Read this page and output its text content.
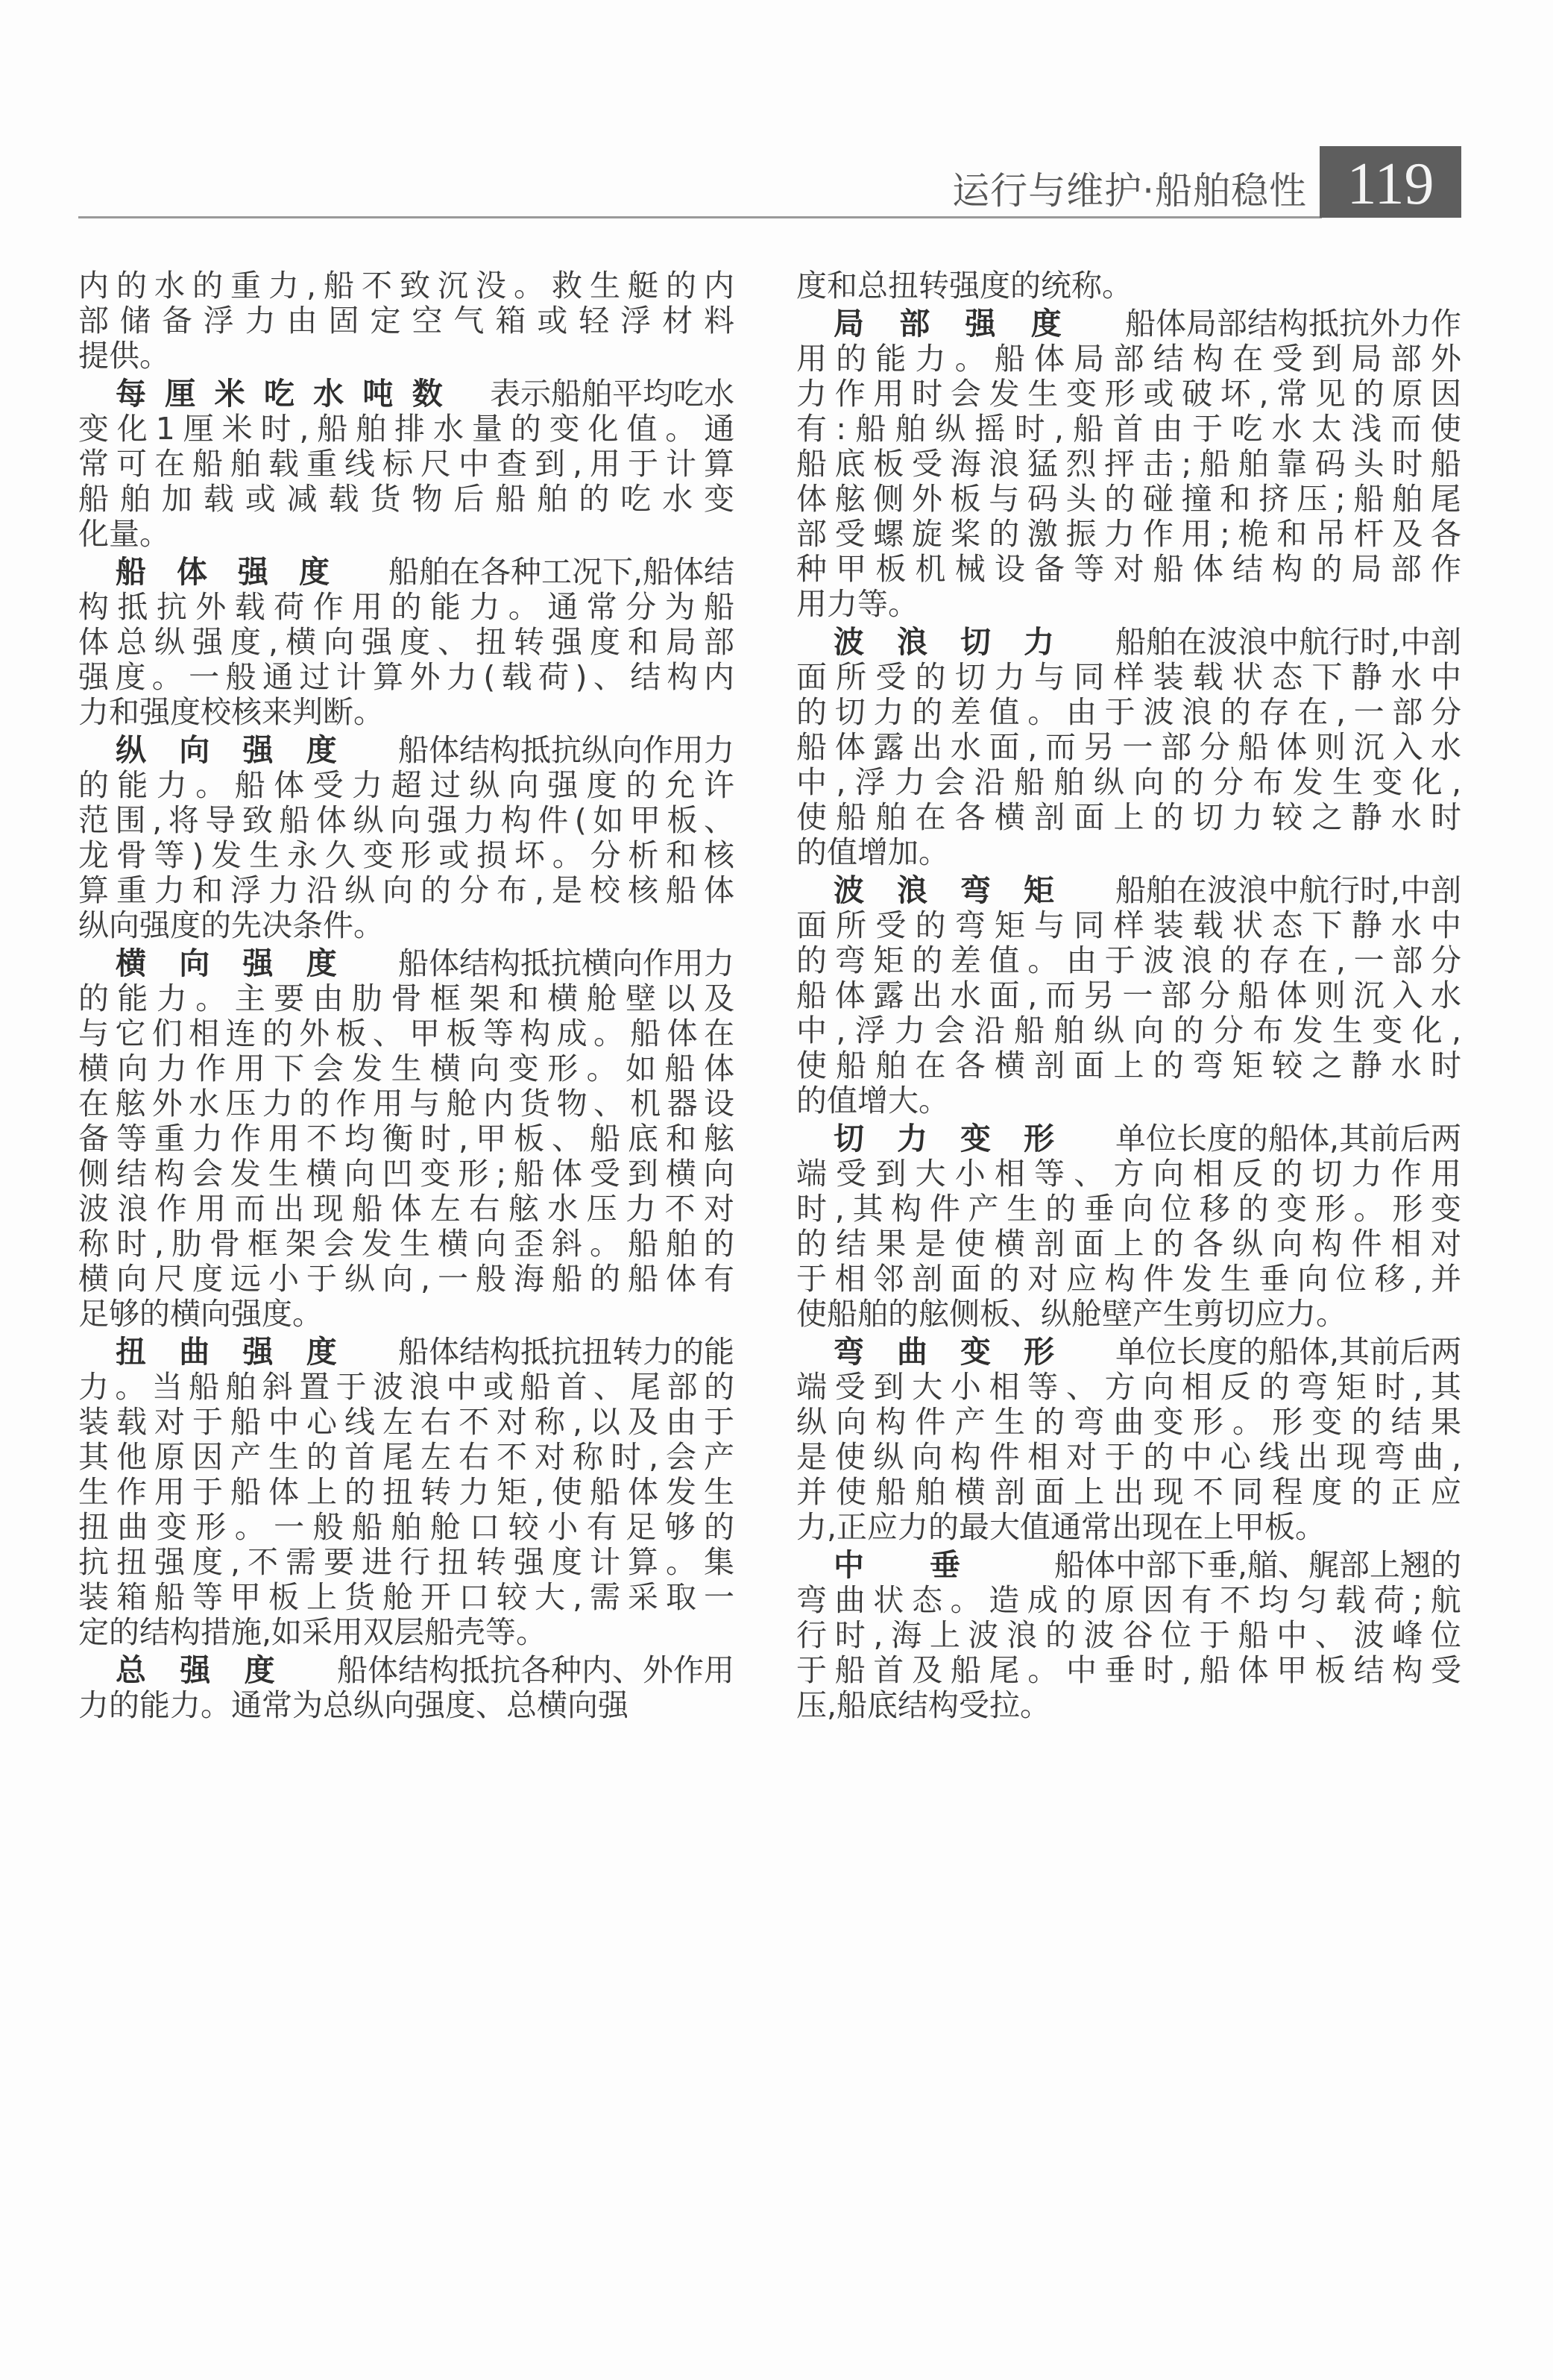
运行与维护·船舶稳性 119
内的水的重力,船不致沉没。救生艇的内
部储备浮力由固定空气箱或轻浮材料
提供。
每厘米吃水吨数 表示船舶平均吃水
变化1厘米时,船舶排水量的变化值。通
常可在船舶载重线标尺中查到,用于计算
船舶加载或减载货物后船舶的吃水变
化量。
船体强度 船舶在各种工况下,船体结
构抵抗外载荷作用的能力。通常分为船
体总纵强度,横向强度、扭转强度和局部
强度。一般通过计算外力(载荷)、结构内
力和强度校核来判断。
纵向强度 船体结构抵抗纵向作用力
的能力。船体受力超过纵向强度的允许
范围,将导致船体纵向强力构件(如甲板、
龙骨等)发生永久变形或损坏。分析和核
算重力和浮力沿纵向的分布,是校核船体
纵向强度的先决条件。
横向强度 船体结构抵抗横向作用力
的能力。主要由肋骨框架和横舱壁以及
与它们相连的外板、甲板等构成。船体在
横向力作用下会发生横向变形。如船体
在舷外水压力的作用与舱内货物、机器设
备等重力作用不均衡时,甲板、船底和舷
侧结构会发生横向凹变形;船体受到横向
波浪作用而出现船体左右舷水压力不对
称时,肋骨框架会发生横向歪斜。船舶的
横向尺度远小于纵向,一般海船的船体有
足够的横向强度。
扭曲强度 船体结构抵抗扭转力的能
力。当船舶斜置于波浪中或船首、尾部的
装载对于船中心线左右不对称,以及由于
其他原因产生的首尾左右不对称时,会产
生作用于船体上的扭转力矩,使船体发生
扭曲变形。一般船舶舱口较小有足够的
抗扭强度,不需要进行扭转强度计算。集
装箱船等甲板上货舱开口较大,需采取一
定的结构措施,如采用双层船壳等。
总强度 船体结构抵抗各种内、外作用
力的能力。通常为总纵向强度、总横向强
度和总扭转强度的统称。
局部强度 船体局部结构抵抗外力作
用的能力。船体局部结构在受到局部外
力作用时会发生变形或破坏,常见的原因
有:船舶纵摇时,船首由于吃水太浅而使
船底板受海浪猛烈抨击;船舶靠码头时船
体舷侧外板与码头的碰撞和挤压;船舶尾
部受螺旋桨的激振力作用;桅和吊杆及各
种甲板机械设备等对船体结构的局部作
用力等。
波浪切力 船舶在波浪中航行时,中剖
面所受的切力与同样装载状态下静水中
的切力的差值。由于波浪的存在,一部分
船体露出水面,而另一部分船体则沉入水
中,浮力会沿船舶纵向的分布发生变化,
使船舶在各横剖面上的切力较之静水时
的值增加。
波浪弯矩 船舶在波浪中航行时,中剖
面所受的弯矩与同样装载状态下静水中
的弯矩的差值。由于波浪的存在,一部分
船体露出水面,而另一部分船体则沉入水
中,浮力会沿船舶纵向的分布发生变化,
使船舶在各横剖面上的弯矩较之静水时
的值增大。
切力变形 单位长度的船体,其前后两
端受到大小相等、方向相反的切力作用
时,其构件产生的垂向位移的变形。形变
的结果是使横剖面上的各纵向构件相对
于相邻剖面的对应构件发生垂向位移,并
使船舶的舷侧板、纵舱壁产生剪切应力。
弯曲变形 单位长度的船体,其前后两
端受到大小相等、方向相反的弯矩时,其
纵向构件产生的弯曲变形。形变的结果
是使纵向构件相对于的中心线出现弯曲,
并使船舶横剖面上出现不同程度的正应
力,正应力的最大值通常出现在上甲板。
中垂 船体中部下垂,艏、艉部上翘的
弯曲状态。造成的原因有不均匀载荷;航
行时,海上波浪的波谷位于船中、波峰位
于船首及船尾。中垂时,船体甲板结构受
压,船底结构受拉。
